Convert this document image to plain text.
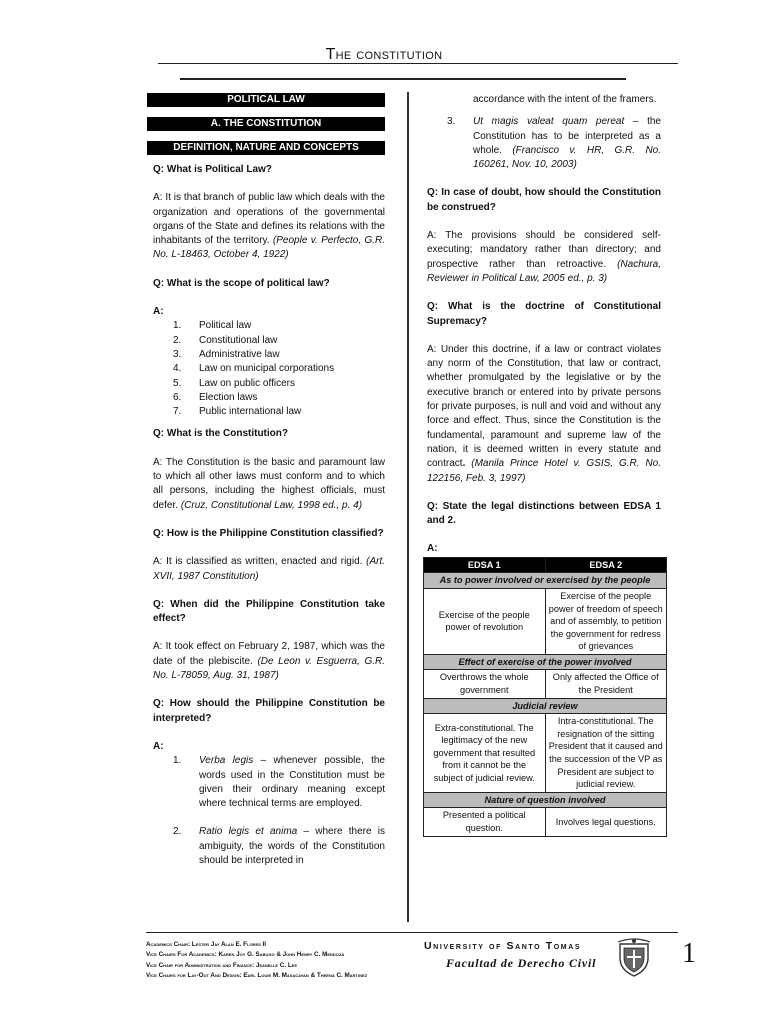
The constitution
POLITICAL LAW
A. THE CONSTITUTION
DEFINITION, NATURE AND CONCEPTS

Q: What is Political Law?

A: It is that branch of public law which deals with the organization and operations of the governmental organs of the State and defines its relations with the inhabitants of the territory. (People v. Perfecto, G.R. No. L-18463, October 4, 1922)

Q: What is the scope of political law?

A:

1.	Political law
2.	Constitutional law
3.	Administrative law
4.	Law on municipal corporations
5.	Law on public officers
6.	Election laws
7.	Public international law

Q: What is the Constitution?

A: The Constitution is the basic and paramount law to which all other laws must conform and to which all persons, including the highest officials, must defer. (Cruz, Constitutional Law, 1998 ed., p. 4)

Q: How is the Philippine Constitution classified?

A: It is classified as written, enacted and rigid. (Art. XVII, 1987 Constitution)

Q: When did the Philippine Constitution take effect?

A: It took effect on February 2, 1987, which was the date of the plebiscite. (De Leon v. Esguerra, G.R. No. L-78059, Aug. 31, 1987)

Q: How should the Philippine Constitution be interpreted?

A:

1.	Verba legis – whenever possible, the words used in the Constitution must be given their ordinary meaning except where technical terms are employed.
2.	Ratio legis et anima – where there is ambiguity, the words of the Constitution should be interpreted in

accordance with the intent of the framers.

3.	Ut magis valeat quam pereat – the Constitution has to be interpreted as a whole. (Francisco v. HR, G.R. No. 160261, Nov. 10, 2003)

Q: In case of doubt, how should the Constitution be construed?

A: The provisions should be considered self-executing; mandatory rather than directory; and prospective rather than retroactive. (Nachura, Reviewer in Political Law, 2005 ed., p. 3)

Q: What is the doctrine of Constitutional Supremacy?

A: Under this doctrine, if a law or contract violates any norm of the Constitution, that law or contract, whether promulgated by the legislative or by the executive branch or entered into by private persons for private purposes, is null and void and without any force and effect. Thus, since the Constitution is the fundamental, paramount and supreme law of the nation, it is deemed written in every statute and contract. (Manila Prince Hotel v. GSIS, G.R. No. 122156, Feb. 3, 1997)

Q: State the legal distinctions between EDSA 1 and 2.

A:

EDSA 1	EDSA 2
As to power involved or exercised by the people	
Exercise of the people power of revolution	Exercise of the people power of freedom of speech and of assembly, to petition the government for redress of grievances
Effect of exercise of the power involved	
Overthrows the whole government	Only affected the Office of the President
Judicial review	
Extra-constitutional. The legitimacy of the new government that resulted from it cannot be the subject of judicial review.	Intra-constitutional. The resignation of the sitting President that it caused and the succession of the VP as President are subject to judicial review.
Nature of question involved	
Presented a political question.	Involves legal questions.
Academics Chair: Lester Jay Alan E. Flores II
Vice Chairs For Academics: Karen Joy G. Sabugo & John Henry C. Mendoza
Vice Chair for Administration and Finance: Jeanelle C. Lee
Vice Chairs for Lay-Out And Design: Earl Louie M. Masacayan & Theena C. Martinez
University of Santo Tomas
Facultad de Derecho Civil	1
